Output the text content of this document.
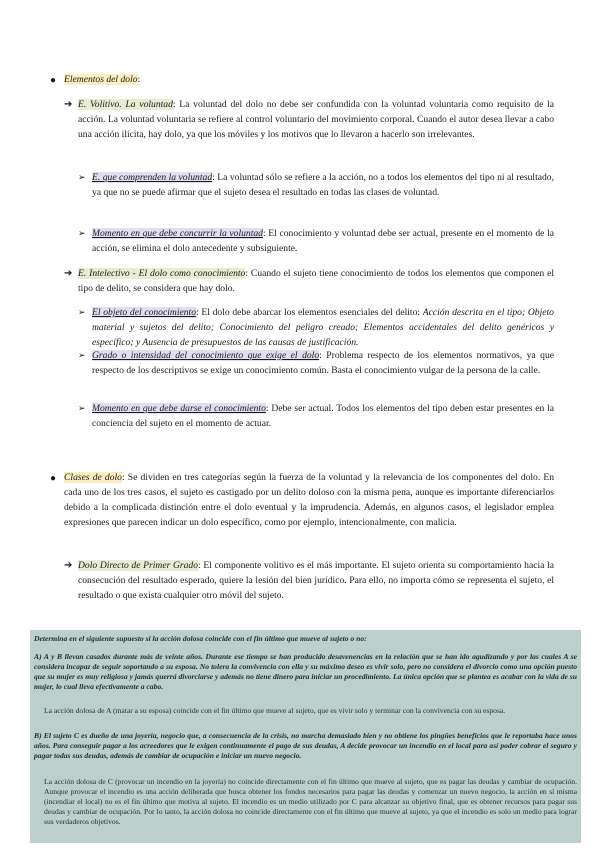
● Elementos del dolo:

➔ E. Volitivo. La voluntad: La voluntad del dolo no debe ser confundida con la voluntad voluntaria como requisito de la acción. La voluntad voluntaria se refiere al control voluntario del movimiento corporal. Cuando el autor desea llevar a cabo una acción ilícita, hay dolo, ya que los móviles y los motivos que lo llevaron a hacerlo son irrelevantes.

➢ E. que comprenden la voluntad: La voluntad sólo se refiere a la acción, no a todos los elementos del tipo ni al resultado, ya que no se puede afirmar que el sujeto desea el resultado en todas las clases de voluntad.

➢ Momento en que debe concurrir la voluntad: El conocimiento y voluntad debe ser actual, presente en el momento de la acción, se elimina el dolo antecedente y subsiguiente.

➔ E. Intelectivo - El dolo como conocimiento: Cuando el sujeto tiene conocimiento de todos los elementos que componen el tipo de delito, se considera que hay dolo.

➢ El objeto del conocimiento: El dolo debe abarcar los elementos esenciales del delito: Acción descrita en el tipo; Objeto material y sujetos del delito; Conocimiento del peligro creado; Elementos accidentales del delito genéricos y específico; y Ausencia de presupuestos de las causas de justificación.

➢ Grado o intensidad del conocimiento que exige el dolo: Problema respecto de los elementos normativos, ya que respecto de los descriptivos se exige un conocimiento común. Basta el conocimiento vulgar de la persona de la calle.

➢ Momento en que debe darse el conocimiento: Debe ser actual. Todos los elementos del tipo deben estar presentes en la conciencia del sujeto en el momento de actuar.

● Clases de dolo: Se dividen en tres categorías según la fuerza de la voluntad y la relevancia de los componentes del dolo. En cada uno de los tres casos, el sujeto es castigado por un delito doloso con la misma pena, aunque es importante diferenciarlos debido a la complicada distinción entre el dolo eventual y la imprudencia. Además, en algunos casos, el legislador emplea expresiones que parecen indicar un dolo específico, como por ejemplo, intencionalmente, con malicia.

➔ Dolo Directo de Primer Grado: El componente volitivo es el más importante. El sujeto orienta su comportamiento hacia la consecución del resultado esperado, quiere la lesión del bien jurídico. Para ello, no importa cómo se representa el sujeto, el resultado o que exista cualquier otro móvil del sujeto.

Determina en el siguiente supuesto si la acción dolosa coincide con el fin último que mueve al sujeto o no:

A) A y B llevan casados durante más de veinte años. Durante ese tiempo se han producido desavenencias en la relación que se han ido agudizando y por las cuales A se considera incapaz de seguir soportando a su esposa. No tolera la convivencia con ella y su máximo deseo es vivir solo, pero no considera el divorcio como una opción puesto que su mujer es muy religiosa y jamás querrá divorciarse y además no tiene dinero para iniciar un procedimiento. La única opción que se plantea es acabar con la vida de su mujer, lo cual lleva efectivamente a cabo.

La acción dolosa de A (matar a su esposa) coincide con el fin último que mueve al sujeto, que es vivir solo y terminar con la convivencia con su esposa.

B) El sujeto C es dueño de una joyería, negocio que, a consecuencia de la crisis, no marcha demasiado bien y no obtiene los pingües beneficios que le reportaba hace unos años. Para conseguir pagar a los acreedores que le exigen continuamente el pago de sus deudas, A decide provocar un incendio en el local para así poder cobrar el seguro y pagar todas sus deudas, además de cambiar de ocupación e iniciar un nuevo negocio.

La acción dolosa de C (provocar un incendio en la joyería) no coincide directamente con el fin último que mueve al sujeto, que es pagar las deudas y cambiar de ocupación. Aunque provocar el incendio es una acción deliberada que busca obtener los fondos necesarios para pagar las deudas y comenzar un nuevo negocio, la acción en sí misma (incendiar el local) no es el fin último que motiva al sujeto. El incendio es un medio utilizado por C para alcanzar su objetivo final, que es obtener recursos para pagar sus deudas y cambiar de ocupación. Por lo tanto, la acción dolosa no coincide directamente con el fin último que mueve al sujeto, ya que el incendio es solo un medio para lograr sus verdaderos objetivos.
